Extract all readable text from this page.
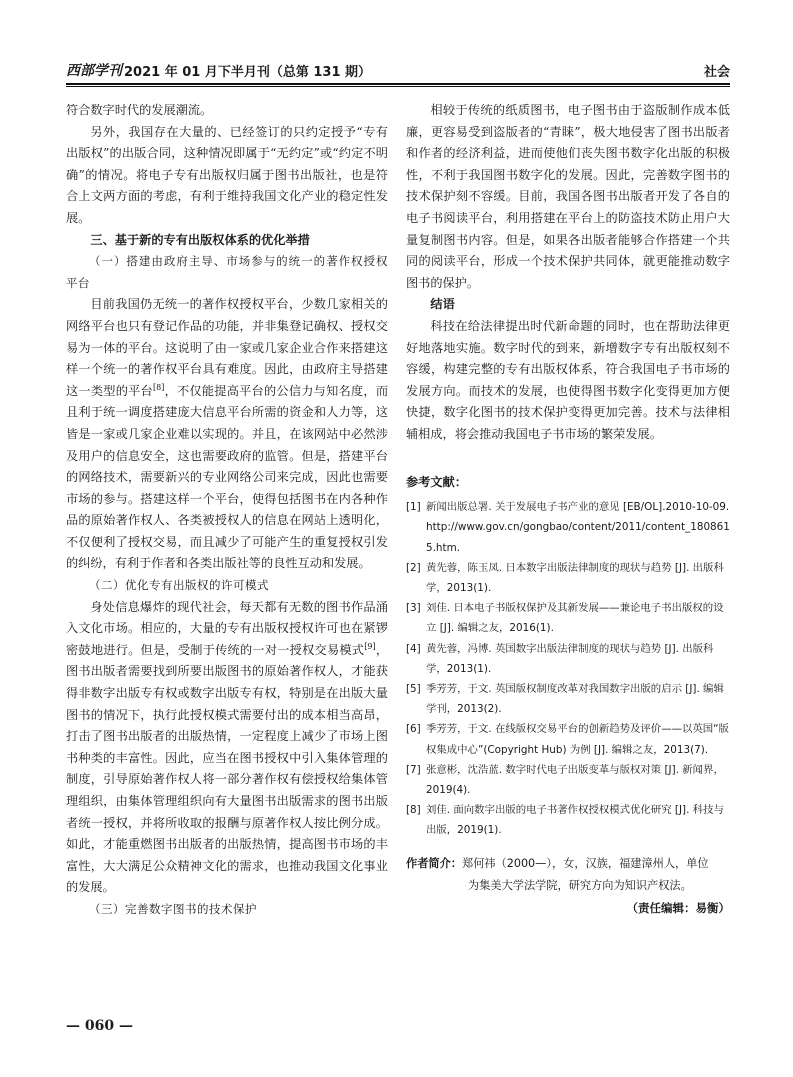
西部学刊 2021 年 01 月下半月刊（总第 131 期）	社会

符合数字时代的发展潮流。

另外，我国存在大量的、已经签订的只约定授予“专有出版权”的出版合同，这种情况即属于“无约定”或“约定不明确”的情况。将电子专有出版权归属于图书出版社，也是符合上文两方面的考虑，有利于维持我国文化产业的稳定性发展。

三、基于新的专有出版权体系的优化举措

（一）搭建由政府主导、市场参与的统一的著作权授权平台

目前我国仍无统一的著作权授权平台，少数几家相关的网络平台也只有登记作品的功能，并非集登记确权、授权交易为一体的平台。这说明了由一家或几家企业合作来搭建这样一个统一的著作权平台具有难度。因此，由政府主导搭建这一类型的平台[8]，不仅能提高平台的公信力与知名度，而且利于统一调度搭建庞大信息平台所需的资金和人力等，这皆是一家或几家企业难以实现的。并且，在该网站中必然涉及用户的信息安全，这也需要政府的监管。但是，搭建平台的网络技术，需要新兴的专业网络公司来完成，因此也需要市场的参与。搭建这样一个平台，使得包括图书在内各种作品的原始著作权人、各类被授权人的信息在网站上透明化，不仅便利了授权交易，而且减少了可能产生的重复授权引发的纠纷，有利于作者和各类出版社等的良性互动和发展。

（二）优化专有出版权的许可模式

身处信息爆炸的现代社会，每天都有无数的图书作品涌入文化市场。相应的，大量的专有出版权授权许可也在紧锣密鼓地进行。但是，受制于传统的一对一授权交易模式[9]，图书出版者需要找到所要出版图书的原始著作权人，才能获得非数字出版专有权或数字出版专有权，特别是在出版大量图书的情况下，执行此授权模式需要付出的成本相当高昂，打击了图书出版者的出版热情，一定程度上减少了市场上图书种类的丰富性。因此，应当在图书授权中引入集体管理的制度，引导原始著作权人将一部分著作权有偿授权给集体管理组织，由集体管理组织向有大量图书出版需求的图书出版者统一授权，并将所收取的报酬与原著作权人按比例分成。如此，才能重燃图书出版者的出版热情，提高图书市场的丰富性，大大满足公众精神文化的需求，也推动我国文化事业的发展。

（三）完善数字图书的技术保护

相较于传统的纸质图书，电子图书由于盗版制作成本低廉，更容易受到盗版者的“青睐”，极大地侵害了图书出版者和作者的经济利益，进而使他们丧失图书数字化出版的积极性，不利于我国图书数字化的发展。因此，完善数字图书的技术保护刻不容缓。目前，我国各图书出版者开发了各自的电子书阅读平台，利用搭建在平台上的防盗技术防止用户大量复制图书内容。但是，如果各出版者能够合作搭建一个共同的阅读平台，形成一个技术保护共同体，就更能推动数字图书的保护。

结语

科技在给法律提出时代新命题的同时，也在帮助法律更好地落地实施。数字时代的到来，新增数字专有出版权刻不容缓，构建完整的专有出版权体系，符合我国电子书市场的发展方向。而技术的发展，也使得图书数字化变得更加方便快捷，数字化图书的技术保护变得更加完善。技术与法律相辅相成，将会推动我国电子书市场的繁荣发展。

参考文献：
[1] 新闻出版总署. 关于发展电子书产业的意见 [EB/OL].2010-10-09. http://www.gov.cn/gongbao/content/2011/content_1808615.htm.
[2] 黄先蓉，陈玉凤. 日本数字出版法律制度的现状与趋势 [J]. 出版科学，2013(1).
[3] 刘佳. 日本电子书版权保护及其新发展——兼论电子书出版权的设立 [J]. 编辑之友，2016(1).
[4] 黄先蓉，冯博. 英国数字出版法律制度的现状与趋势 [J]. 出版科学，2013(1).
[5] 季芳芳，于文. 英国版权制度改革对我国数字出版的启示 [J]. 编辑学刊，2013(2).
[6] 季芳芳，于文. 在线版权交易平台的创新趋势及评价——以英国“版权集成中心”(Copyright Hub) 为例 [J]. 编辑之友，2013(7).
[7] 张意彬，沈浩蓝. 数字时代电子出版变革与版权对策 [J]. 新闻界，2019(4).
[8] 刘佳. 面向数字出版的电子书著作权授权模式优化研究 [J]. 科技与出版，2019(1).
作者简介：郑何祎（2000—），女，汉族，福建漳州人，单位
为集美大学法学院，研究方向为知识产权法。
（责任编辑：易衡）
— 060 —
